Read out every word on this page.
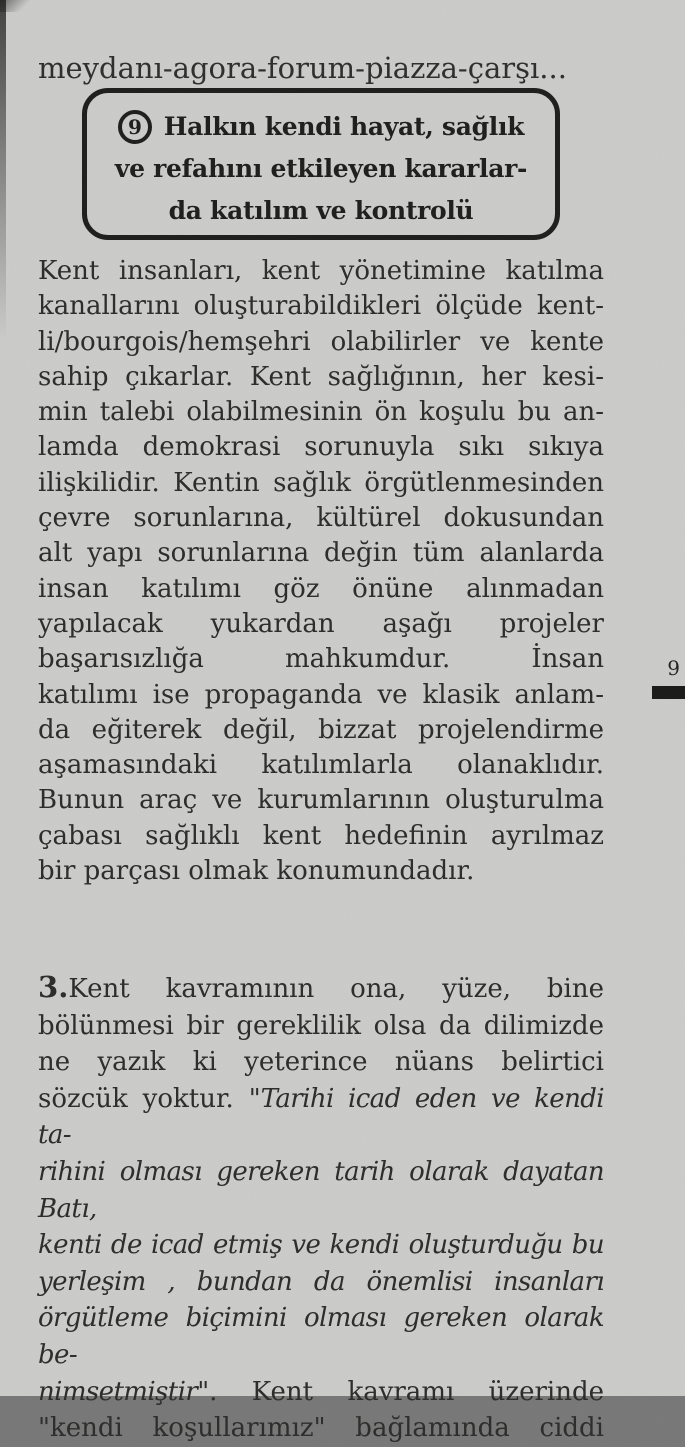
meydanı-agora-forum-piazza-çarşı...
9 Halkın kendi hayat, sağlık
ve refahını etkileyen kararlar-
da katılım ve kontrolü
Kent insanları, kent yönetimine katılma
kanallarını oluşturabildikleri ölçüde kent-
li/bourgois/hemşehri olabilirler ve kente
sahip çıkarlar. Kent sağlığının, her kesi-
min talebi olabilmesinin ön koşulu bu an-
lamda demokrasi sorunuyla sıkı sıkıya
ilişkilidir. Kentin sağlık örgütlenmesinden
çevre sorunlarına, kültürel dokusundan
alt yapı sorunlarına değin tüm alanlarda
insan katılımı göz önüne alınmadan
yapılacak yukardan aşağı projeler
başarısızlığa mahkumdur. İnsan
katılımı ise propaganda ve klasik anlam-
da eğiterek değil, bizzat projelendirme
aşamasındaki katılımlarla olanaklıdır.
Bunun araç ve kurumlarının oluşturulma
çabası sağlıklı kent hedefinin ayrılmaz
bir parçası olmak konumundadır.
9
3.Kent kavramının ona, yüze, bine
bölünmesi bir gereklilik olsa da dilimizde
ne yazık ki yeterince nüans belirtici
sözcük yoktur. "Tarihi icad eden ve kendi ta-
rihini olması gereken tarih olarak dayatan Batı,
kenti de icad etmiş ve kendi oluşturduğu bu
yerleşim , bundan da önemlisi insanları
örgütleme biçimini olması gereken olarak be-
nimsetmiştir". Kent kavramı üzerinde
"kendi koşullarımız" bağlamında ciddi
